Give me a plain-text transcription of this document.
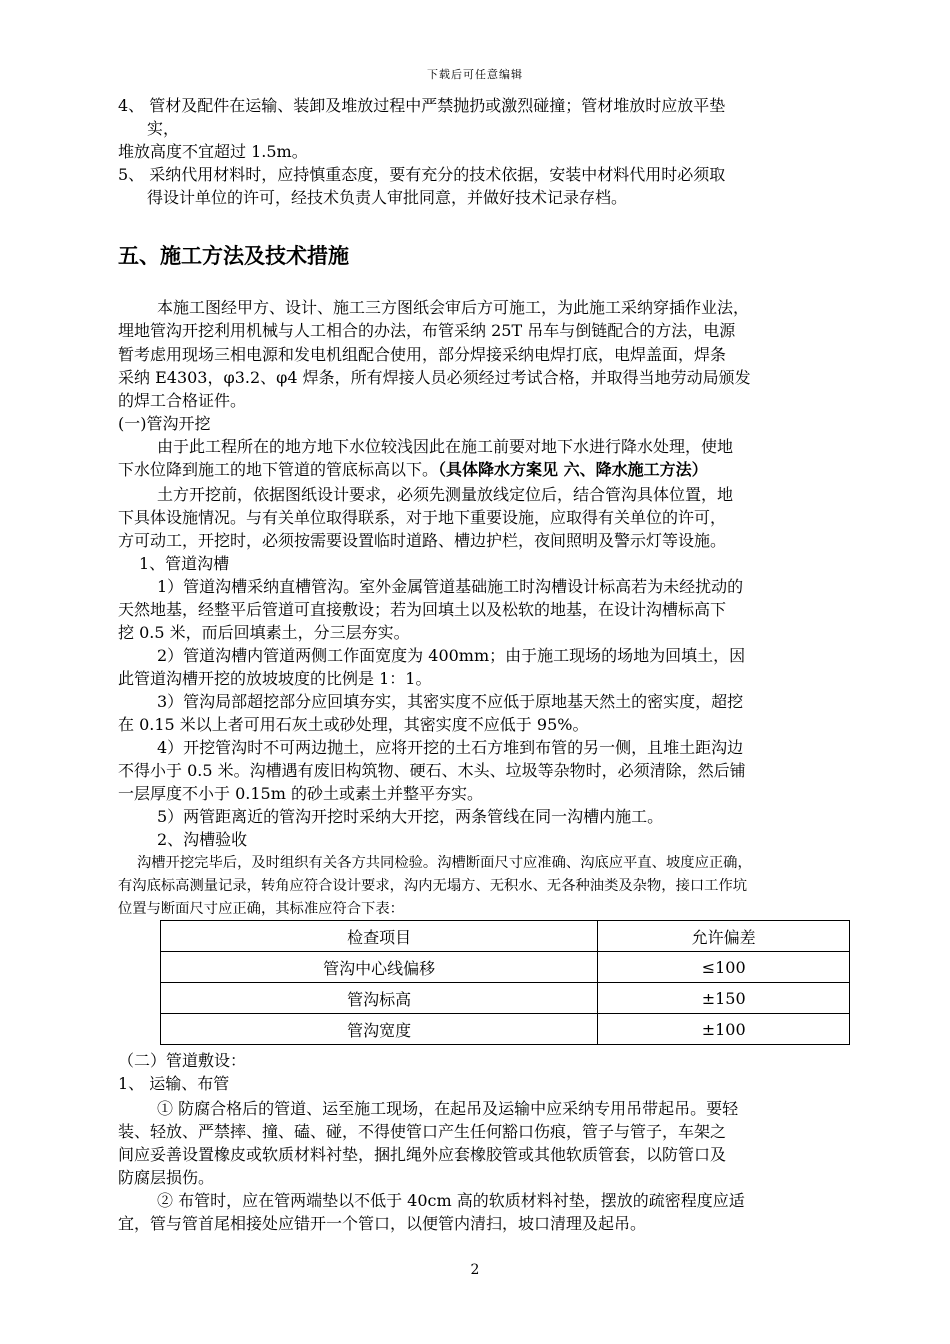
下载后可任意编辑
4、 管材及配件在运输、装卸及堆放过程中严禁抛扔或激烈碰撞；管材堆放时应放平垫
实，
堆放高度不宜超过 1.5m。
5、 采纳代用材料时，应持慎重态度，要有充分的技术依据，安装中材料代用时必须取
得设计单位的许可，经技术负责人审批同意，并做好技术记录存档。
五、施工方法及技术措施
本施工图经甲方、设计、施工三方图纸会审后方可施工，为此施工采纳穿插作业法，
埋地管沟开挖利用机械与人工相合的办法，布管采纳 25T 吊车与倒链配合的方法，电源
暂考虑用现场三相电源和发电机组配合使用，部分焊接采纳电焊打底，电焊盖面，焊条
采纳 E4303，φ3.2、φ4 焊条，所有焊接人员必须经过考试合格，并取得当地劳动局颁发
的焊工合格证件。
(一)管沟开挖
由于此工程所在的地方地下水位较浅因此在施工前要对地下水进行降水处理，使地
下水位降到施工的地下管道的管底标高以下。（具体降水方案见 六、降水施工方法）
土方开挖前，依据图纸设计要求，必须先测量放线定位后，结合管沟具体位置，地
下具体设施情况。与有关单位取得联系，对于地下重要设施，应取得有关单位的许可，
方可动工，开挖时，必须按需要设置临时道路、槽边护栏，夜间照明及警示灯等设施。
1、管道沟槽
1）管道沟槽采纳直槽管沟。室外金属管道基础施工时沟槽设计标高若为未经扰动的
天然地基，经整平后管道可直接敷设；若为回填土以及松软的地基，在设计沟槽标高下
挖 0.5 米，而后回填素土，分三层夯实。
2）管道沟槽内管道两侧工作面宽度为 400mm；由于施工现场的场地为回填土，因
此管道沟槽开挖的放坡坡度的比例是 1：1。
3）管沟局部超挖部分应回填夯实，其密实度不应低于原地基天然土的密实度，超挖
在 0.15 米以上者可用石灰土或砂处理，其密实度不应低于 95%。
4）开挖管沟时不可两边抛土，应将开挖的土石方堆到布管的另一侧，且堆土距沟边
不得小于 0.5 米。沟槽遇有废旧构筑物、硬石、木头、垃圾等杂物时，必须清除，然后铺
一层厚度不小于 0.15m 的砂土或素土并整平夯实。
5）两管距离近的管沟开挖时采纳大开挖，两条管线在同一沟槽内施工。
2、沟槽验收
沟槽开挖完毕后，及时组织有关各方共同检验。沟槽断面尺寸应准确、沟底应平直、坡度应正确，
有沟底标高测量记录，转角应符合设计要求，沟内无塌方、无积水、无各种油类及杂物，接口工作坑
位置与断面尺寸应正确，其标准应符合下表：
检查项目	允许偏差
管沟中心线偏移	≤100
管沟标高	±150
管沟宽度	±100
（二）管道敷设：
1、 运输、布管
① 防腐合格后的管道、运至施工现场，在起吊及运输中应采纳专用吊带起吊。要轻
装、轻放、严禁摔、撞、磕、碰，不得使管口产生任何豁口伤痕，管子与管子，车架之
间应妥善设置橡皮或软质材料衬垫，捆扎绳外应套橡胶管或其他软质管套，以防管口及
防腐层损伤。
② 布管时，应在管两端垫以不低于 40cm 高的软质材料衬垫，摆放的疏密程度应适
宜，管与管首尾相接处应错开一个管口，以便管内清扫，坡口清理及起吊。
2
